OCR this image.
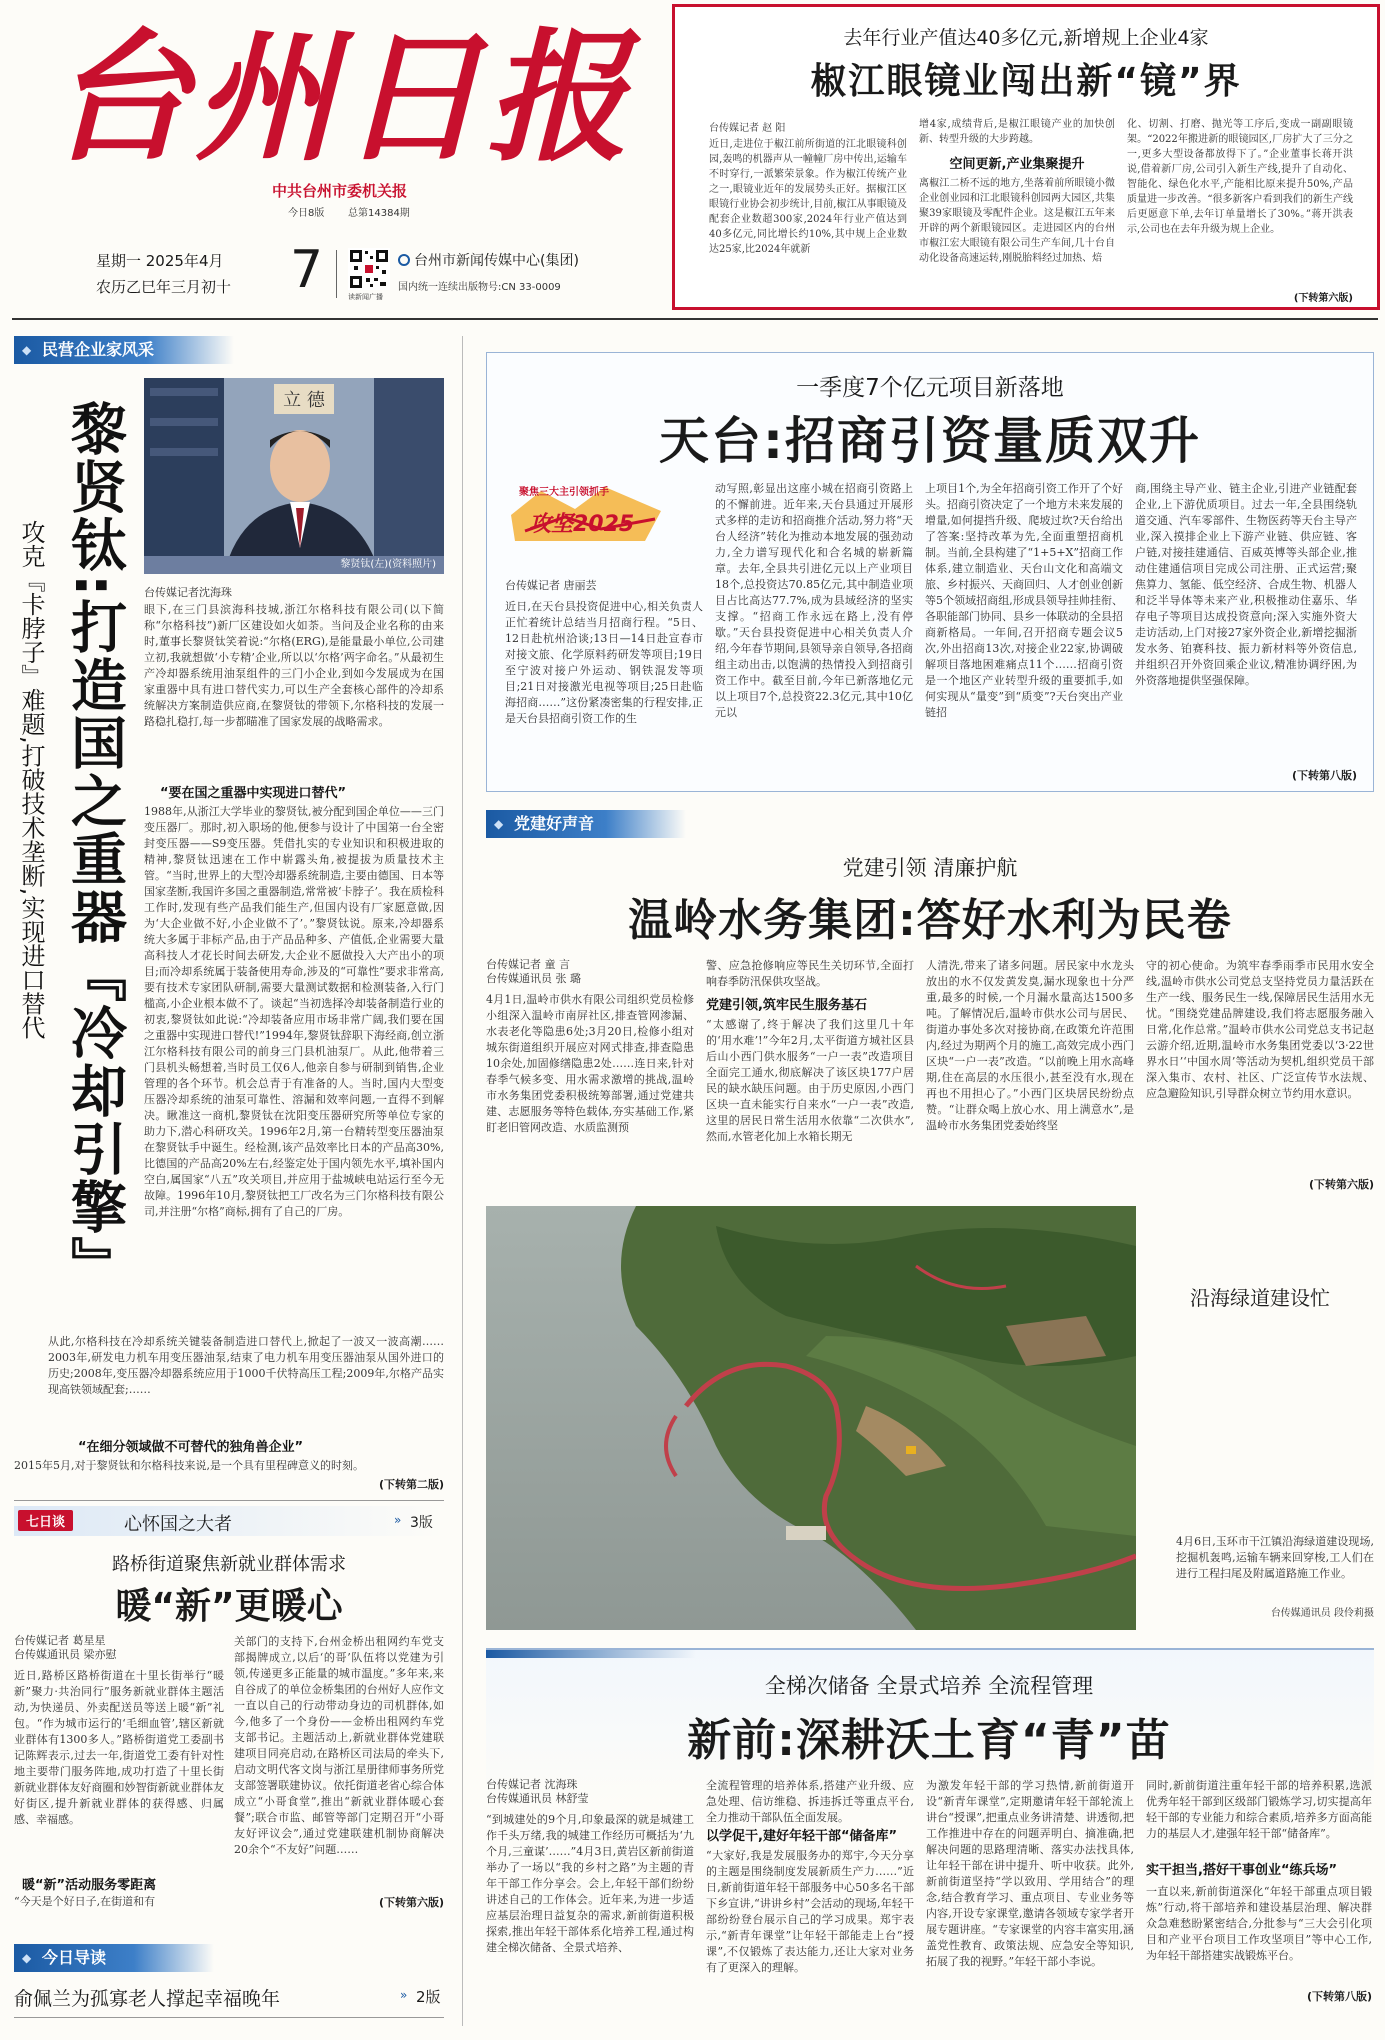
台州日报
中共台州市委机关报
今日8版 总第14384期
星期一 2025年4月
农历乙巳年三月初十 7	读新闻广播
台州市新闻传媒中心(集团)
国内统一连续出版物号:CN 33-0009
去年行业产值达40多亿元,新增规上企业4家
椒江眼镜业闯出新“镜”界
台传媒记者 赵 阳
近日,走进位于椒江前所街道的江北眼镜科创园,轰鸣的机器声从一幢幢厂房中传出,运输车不时穿行,一派繁荣景象。作为椒江传统产业之一,眼镜业近年的发展势头正好。据椒江区眼镜行业协会初步统计,目前,椒江从事眼镜及配套企业数超300家,2024年行业产值达到40多亿元,同比增长约10%,其中规上企业数达25家,比2024年就新
增4家,成绩背后,是椒江眼镜产业的加快创新、转型升级的大步跨越。
空间更新,产业集聚提升
离椒江二桥不远的地方,坐落着前所眼镜小微企业创业园和江北眼镜科创园两大园区,共集聚39家眼镜及零配件企业。这是椒江五年来开辟的两个新眼镜园区。走进园区内的台州市椒江宏大眼镜有限公司生产车间,几十台自动化设备高速运转,刚脱胎料经过加热、焙
化、切割、打磨、抛光等工序后,变成一副副眼镜架。“2022年搬进新的眼镜园区,厂房扩大了三分之一,更多大型设备都放得下了。”企业董事长蒋开洪说,借着新厂房,公司引入新生产线,提升了自动化、智能化、绿色化水平,产能相比原来提升50%,产品质量进一步改善。“很多新客户看到我们的新生产线后更愿意下单,去年订单量增长了30%。”蒋开洪表示,公司也在去年升级为规上企业。
(下转第六版)
◆ 民营企业家风采
黎贤钛:打造国之重器『冷却引擎』
攻克『卡脖子』难题,打破技术垄断,实现进口替代
立 德
黎贤钛(左)(资料照片)
台传媒记者沈海珠
眼下,在三门县滨海科技城,浙江尔格科技有限公司(以下简称“尔格科技”)新厂区建设如火如荼。当问及企业名称的由来时,董事长黎贤钛笑着说:“尔格(ERG),是能量最小单位,公司建立初,我就想做‘小专精’企业,所以以‘尔格’两字命名。”从最初生产冷却器系统用油泵组件的三门小企业,到如今发展成为在国家重器中具有进口替代实力,可以生产全套核心部件的冷却系统解决方案制造供应商,在黎贤钛的带领下,尔格科技的发展一路稳扎稳打,每一步都瞄准了国家发展的战略需求。
“要在国之重器中实现进口替代”
1988年,从浙江大学毕业的黎贤钛,被分配到国企单位——三门变压器厂。那时,初入职场的他,便参与设计了中国第一台全密封变压器——S9变压器。凭借扎实的专业知识和积极进取的精神,黎贤钛迅速在工作中崭露头角,被提拔为质量技术主管。“当时,世界上的大型冷却器系统制造,主要由德国、日本等国家垄断,我国许多国之重器制造,常常被‘卡脖子’。我在质检科工作时,发现有些产品我们能生产,但国内设有厂家愿意做,因为‘大企业做不好,小企业做不了’。”黎贤钛说。原来,冷却器系统大多属于非标产品,由于产品品种多、产值低,企业需要大量高科技人才花长时间去研发,大企业不愿做投入大产出小的项目;而冷却系统属于装备使用寿命,涉及的“可靠性”要求非常高,要有技术专家团队研制,需要大量测试数据和检测装备,入行门槛高,小企业根本做不了。谈起“当初选择冷却装备制造行业的初衷,黎贤钛如此说:“冷却装备应用市场非常广阔,我们要在国之重器中实现进口替代!”1994年,黎贤钛辞职下海经商,创立浙江尔格科技有限公司的前身三门县机油泵厂。从此,他带着三门县机头畅想着,当时员工仅6人,他亲自参与研制到销售,企业管理的各个环节。机会总青于有准备的人。当时,国内大型变压器冷却系统的油泵可靠性、溶漏和效率问题,一直得不到解决。瞅准这一商机,黎贤钛在沈阳变压器研究所等单位专家的助力下,潜心科研攻关。1996年2月,第一台精转型变压器油泵在黎贤钛手中诞生。经检测,该产品效率比日本的产品高30%,比德国的产品高20%左右,经鉴定处于国内领先水平,填补国内空白,属国家“八五”攻关项目,并应用于盐城峡电站运行至今无故障。1996年10月,黎贤钛把工厂改名为三门尔格科技有限公司,并注册“尔格”商标,拥有了自己的厂房。
从此,尔格科技在冷却系统关键装备制造进口替代上,掀起了一波又一波高潮……2003年,研发电力机车用变压器油泵,结束了电力机车用变压器油泵从国外进口的历史;2008年,变压器冷却器系统应用于1000千伏特高压工程;2009年,尔格产品实现高铁领域配套;……
“在细分领域做不可替代的独角兽企业”
2015年5月,对于黎贤钛和尔格科技来说,是一个具有里程碑意义的时刻。
(下转第二版)
七日谈	心怀国之大者	» 3版
路桥街道聚焦新就业群体需求
暖“新”更暖心
台传媒记者 葛星星
台传媒通讯员 梁亦慰
近日,路桥区路桥街道在十里长街举行“暖新”聚力·共治同行”服务新就业群体主题活动,为快递员、外卖配送员等送上暖“新”礼包。“作为城市运行的‘毛细血管’,辖区新就业群体有1300多人。”路桥街道党工委副书记陈辉表示,过去一年,街道党工委有针对性地主要带门服务阵地,成功打造了十里长街新就业群体友好商圈和妙智街新就业群体友好街区,提升新就业群体的获得感、归属感、幸福感。
暖“新”活动服务零距离
“今天是个好日子,在街道和有
关部门的支持下,台州金桥出租网约车党支部揭牌成立,以后‘的哥’队伍将以党建为引领,传递更多正能量的城市温度。”多年来,来自谷成了的单位金桥集团的台州好人应作文一直以自己的行动带动身边的司机群体,如今,他多了一个身份——金桥出租网约车党支部书记。主题活动上,新就业群体党建联建项目同亮启动,在路桥区司法局的牵头下,启动文明代客文岗与浙江星册律师事务所党支部签署联建协议。依托街道老省心综合体成立“小哥食堂”,推出“新就业群体暖心套餐”;联合市监、邮管等部门定期召开“小哥友好评议会”,通过党建联建机制协商解决20余个“不友好”问题……
(下转第六版)
◆ 今日导读
俞佩兰为孤寡老人撑起幸福晚年	» 2版
一季度7个亿元项目新落地
天台:招商引资量质双升
聚焦三大主引领抓手
攻坚2025
台传媒记者 唐丽芸
近日,在天台县投资促进中心,相关负责人正忙着统计总结当月招商行程。“5日、12日赴杭州洽谈;13日—14日赴宣春市对接文旅、化学原料药研发等项目;19日至宁波对接户外运动、钢铁混发等项目;21日对接激光电视等项目;25日赴临海招商……”这份紧凑密集的行程安排,正是天台县招商引资工作的生
动写照,彰显出这座小城在招商引资路上的不懈前进。近年来,天台县通过开展形式多样的走访和招商推介活动,努力将“天台人经济”转化为推动本地发展的强劲动力,全力谱写现代化和合名城的崭新篇章。去年,全县共引进亿元以上产业项目18个,总投资达70.85亿元,其中制造业项目占比高达77.7%,成为县域经济的坚实支撑。“招商工作永远在路上,没有停歇。”天台县投资促进中心相关负责人介绍,今年春节期间,县领导亲自领导,各招商组主动出击,以饱满的热情投入到招商引资工作中。截至目前,今年已新落地亿元以上项目7个,总投资22.3亿元,其中10亿元以
上项目1个,为全年招商引资工作开了个好头。招商引资决定了一个地方未来发展的增量,如何提挡升级、爬坡过坎?天台给出了答案:坚持改革为先,全面重塑招商机制。当前,全县构建了“1+5+X”招商工作体系,建立制造业、天台山文化和高端文旅、乡村振兴、天商回归、人才创业创新等5个领域招商组,形成县领导挂帅挂衔、各职能部门协同、县乡一体联动的全县招商新格局。一年间,召开招商专题会议5次,外出招商13次,对接企业22家,协调破解项目落地困难痛点11个……招商引资是一个地区产业转型升级的重要抓手,如何实现从“量变”到“质变”?天台突出产业链招
商,围绕主导产业、链主企业,引进产业链配套企业,上下游优质项目。过去一年,全县围绕轨道交通、汽车零部件、生物医药等天台主导产业,深入摸排企业上下游产业链、供应链、客户链,对接挂建通信、百威英博等头部企业,推动住建通信项目完成公司注册、正式运营;聚焦算力、氢能、低空经济、合成生物、机器人和泛半导体等未来产业,积极推动住嘉乐、华存电子等项目达成投资意向;深入实施外资大走访活动,上门对接27家外资企业,新增挖掘浙发水务、铂赛科技、振力新材料等外资信息,并组织召开外资回乘企业议,精准协调纾困,为外资落地提供坚强保障。
(下转第八版)
◆ 党建好声音
党建引领 清廉护航
温岭水务集团:答好水利为民卷
台传媒记者 童 言
台传媒通讯员 张 璐
4月1日,温岭市供水有限公司组织党员检修小组深入温岭市南屏社区,排查管网渗漏、水表老化等隐患6处;3月20日,检修小组对城东街道组织开展应对网式排查,排查隐患10余处,加固修缮隐患2处……连日来,针对春季气候多变、用水需求激增的挑战,温岭市水务集团党委积极统筹部署,通过党建共建、志愿服务等特色载体,夯实基础工作,紧盯老旧管网改造、水质监测预
警、应急抢修响应等民生关切环节,全面打响春季防汛保供攻坚战。
党建引领,筑牢民生服务基石
“太感谢了,终于解决了我们这里几十年的‘用水难’!”今年2月,太平街道方城社区县后山小西门供水服务“一户一表”改造项目全面完工通水,彻底解决了该区块177户居民的缺水缺压问题。由于历史原因,小西门区块一直未能实行自来水“一户一表”改造,这里的居民日常生活用水依靠“二次供水”,然而,水管老化加上水箱长期无
人清洗,带来了诸多问题。居民家中水龙头放出的水不仅发黄发臭,漏水现象也十分严重,最多的时候,一个月漏水量高达1500多吨。了解情况后,温岭市供水公司与居民、街道办事处多次对接协商,在政策允许范围内,经过为期两个月的施工,高效完成小西门区块“一户一表”改造。“以前晚上用水高峰期,住在高层的水压很小,甚至没有水,现在再也不用担心了。”小西门区块居民纷纷点赞。“让群众喝上放心水、用上满意水”,是温岭市水务集团党委始终坚
守的初心使命。为筑牢春季雨季市民用水安全线,温岭市供水公司党总支坚持党员力量活跃在生产一线、服务民生一线,保障居民生活用水无忧。“围绕党建品牌建设,我们将志愿服务融入日常,化作总常。”温岭市供水公司党总支书记赵云游介绍,近期,温岭市水务集团党委以‘3·22世界水日’‘中国水周’等活动为契机,组织党员干部深入集市、农村、社区、广泛宣传节水法规、应急避险知识,引导群众树立节约用水意识。
(下转第六版)
沿海绿道建设忙
4月6日,玉环市干江镇沿海绿道建设现场,挖掘机轰鸣,运输车辆来回穿梭,工人们在进行工程扫尾及附属道路施工作业。
台传媒通讯员 段伶莉摄
全梯次储备 全景式培养 全流程管理
新前:深耕沃土育“青”苗
台传媒记者 沈海珠
台传媒通讯员 林舒莹
“到城建处的9个月,印象最深的就是城建工作千头万绪,我的城建工作经历可概括为‘九个月,三童谋’……”4月3日,黄岩区新前街道举办了一场以“我的乡村之路”为主题的青年干部工作分享会。会上,年轻干部们纷纷讲述自己的工作体会。近年来,为进一步适应基层治理日益复杂的需求,新前街道积极探索,推出年轻干部体系化培养工程,通过构建全梯次储备、全景式培养、
全流程管理的培养体系,搭建产业升级、应急处理、信访维稳、拆违拆迁等重点平台,全力推动干部队伍全面发展。
以学促干,建好年轻干部“储备库”
“大家好,我是发展服务办的郑宇,今天分享的主题是围绕制度发展新质生产力……”近日,新前街道年轻干部服务中心50多名干部下乡宣讲,“讲讲乡村”会活动的现场,年轻干部纷纷登台展示自己的学习成果。郑宇表示,“新青年课堂”让年轻干部能走上台“授课”,不仅锻炼了表达能力,还让大家对业务有了更深入的理解。
为激发年轻干部的学习热情,新前街道开设“新青年课堂”,定期邀请年轻干部轮流上讲台“授课”,把重点业务讲清楚、讲透彻,把工作推进中存在的问题弄明白、摘准确,把解决问题的思路理清晰、落实办法找具体,让年轻干部在讲中提升、听中收获。此外,新前街道坚持“学以致用、学用结合”的理念,结合教育学习、重点项目、专业业务等内容,开设专家课堂,邀请各领域专家学者开展专题讲座。“专家课堂的内容丰富实用,涵盖党性教育、政策法规、应急安全等知识,拓展了我的视野。”年轻干部小李说。
同时,新前街道注重年轻干部的培养积累,选派优秀年轻干部到区级部门锻炼学习,切实提高年轻干部的专业能力和综合素质,培养多方面高能力的基层人才,建强年轻干部“储备库”。
实干担当,搭好干事创业“练兵场”
一直以来,新前街道深化“年轻干部重点项目锻炼”行动,将干部培养和建设基层治理、解决群众急难愁盼紧密结合,分批参与“三大会引化项目和产业平台项目工作攻坚项目”等中心工作,为年轻干部搭建实战锻炼平台。
(下转第八版)
